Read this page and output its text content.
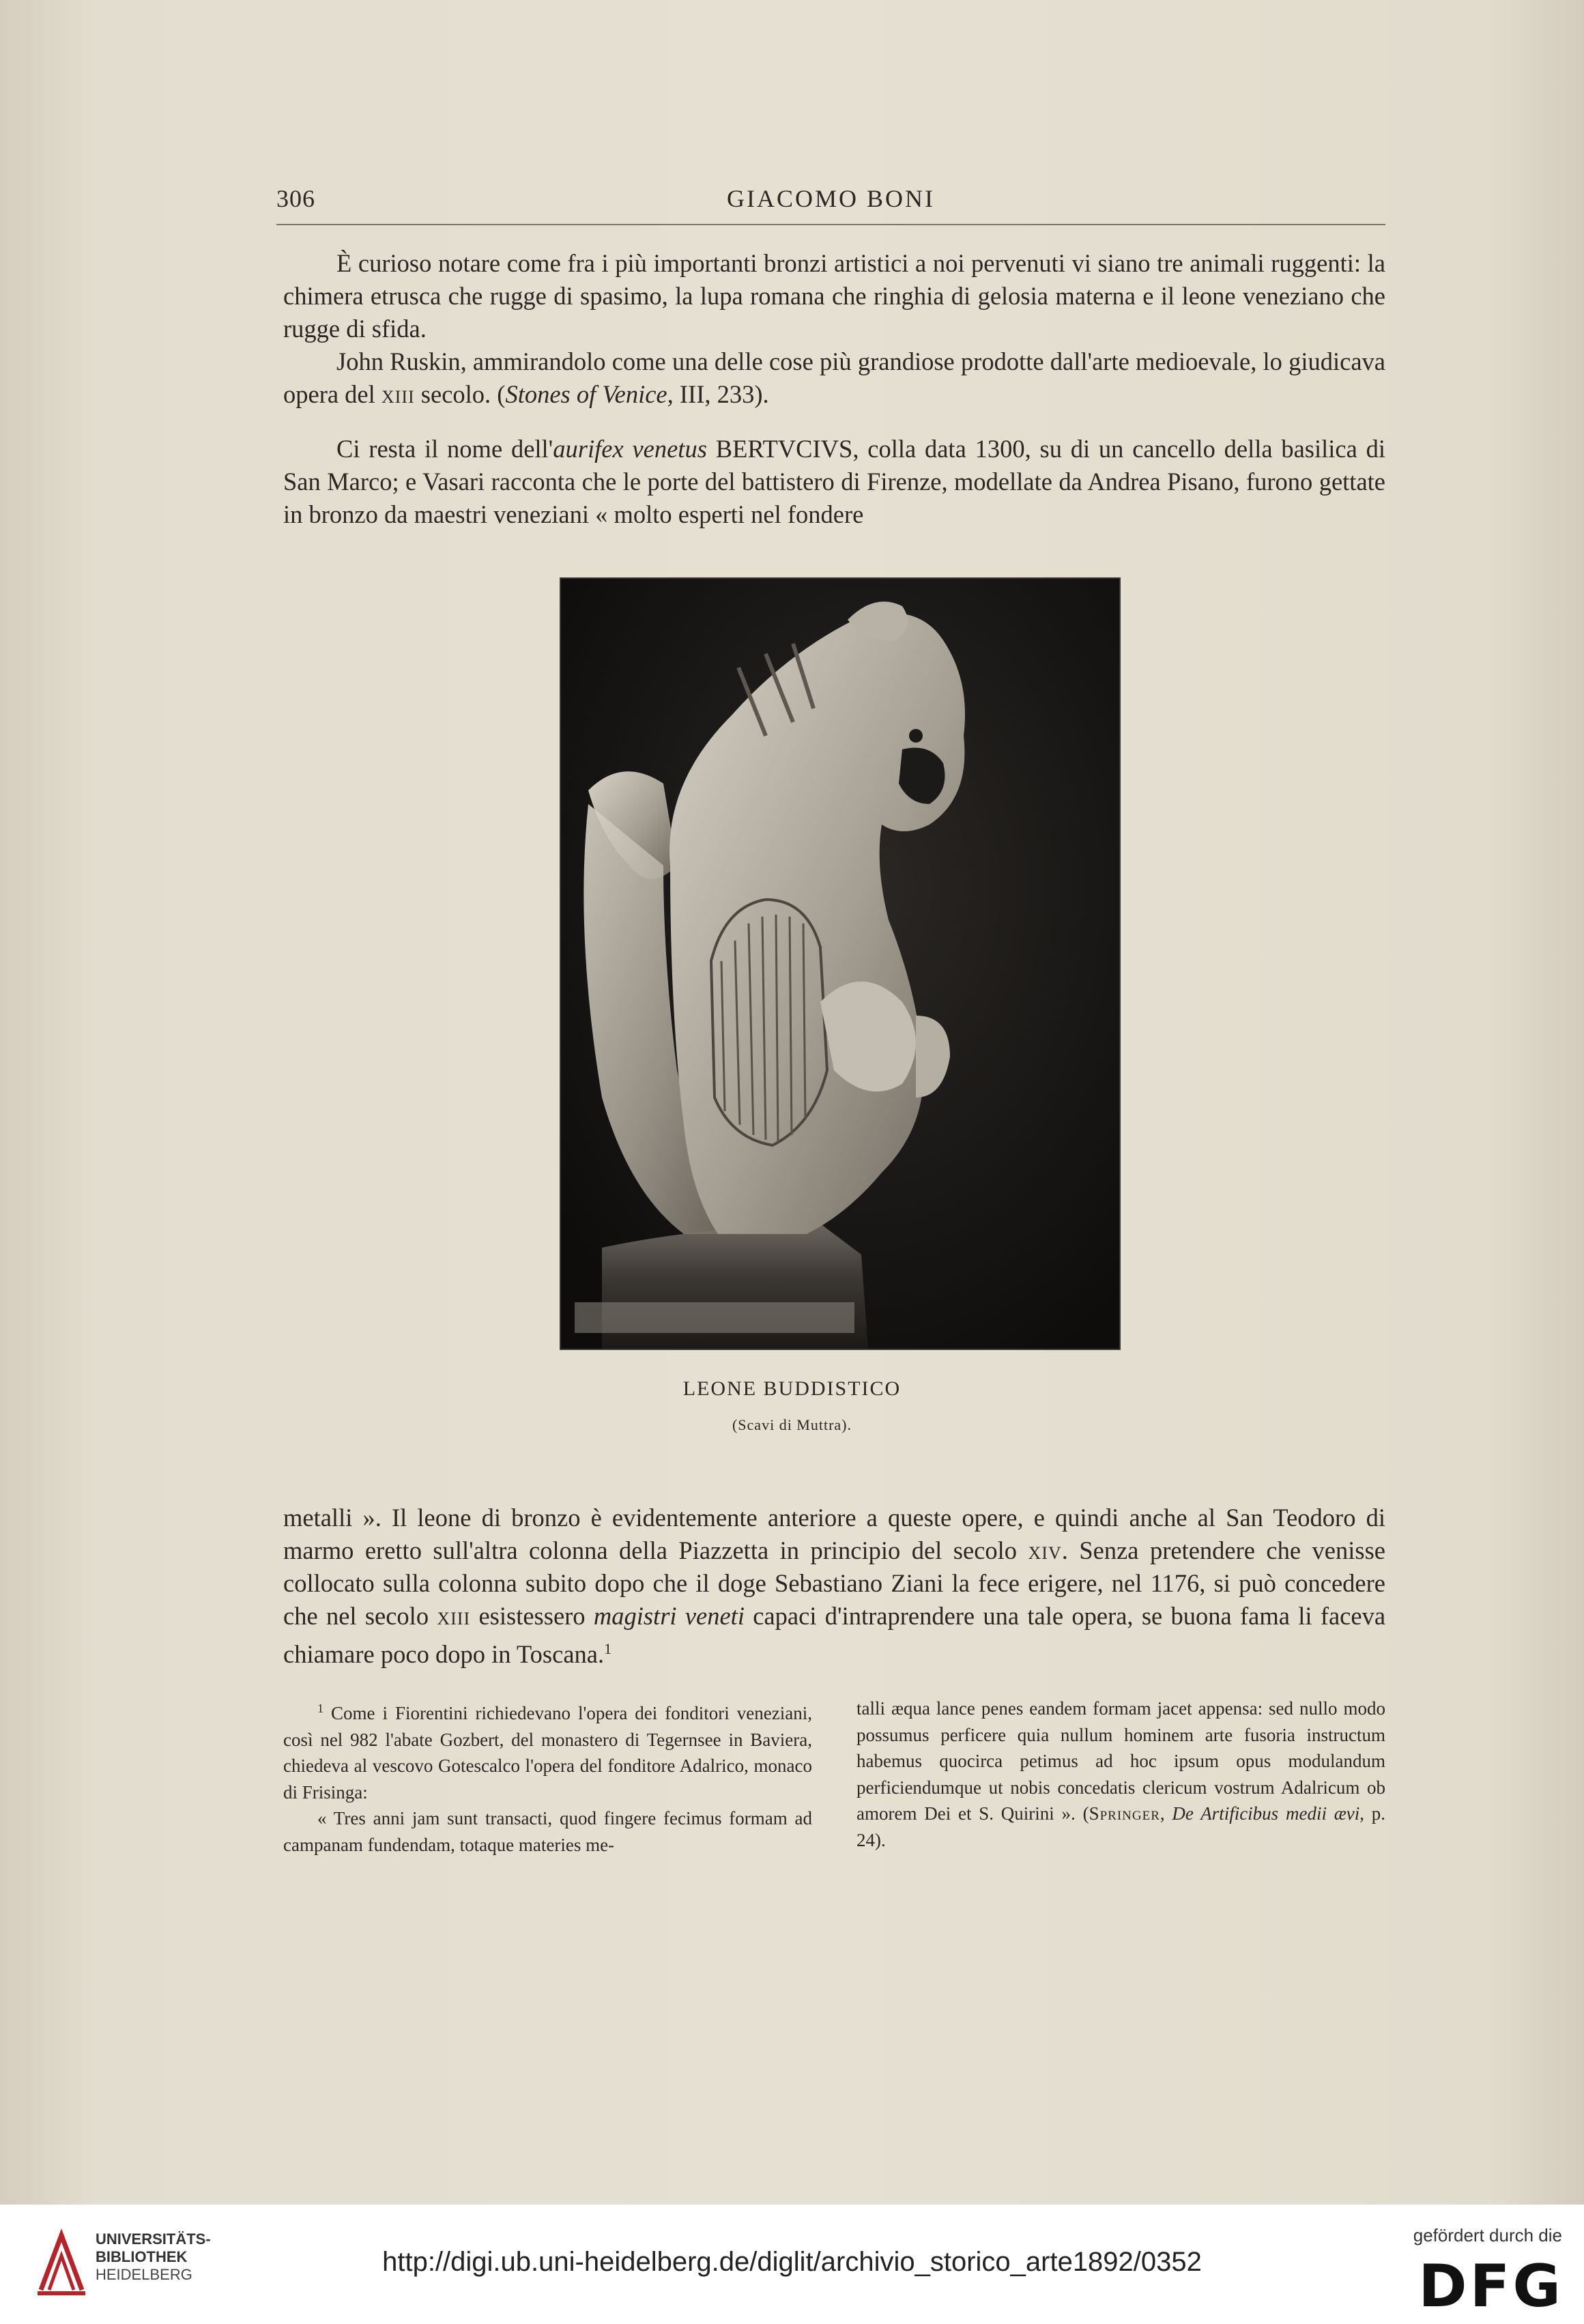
306	GIACOMO BONI

È curioso notare come fra i più importanti bronzi artistici a noi pervenuti vi siano tre animali ruggenti: la chimera etrusca che rugge di spasimo, la lupa romana che ringhia di gelosia materna e il leone veneziano che rugge di sfida.

John Ruskin, ammirandolo come una delle cose più grandiose prodotte dall'arte medioevale, lo giudicava opera del xiii secolo. (Stones of Venice, III, 233).

Ci resta il nome dell'aurifex venetus BERTVCIVS, colla data 1300, su di un cancello della basilica di San Marco; e Vasari racconta che le porte del battistero di Firenze, modellate da Andrea Pisano, furono gettate in bronzo da maestri veneziani « molto esperti nel fondere

LEONE BUDDISTICO
(Scavi di Muttra).

metalli ». Il leone di bronzo è evidentemente anteriore a queste opere, e quindi anche al San Teodoro di marmo eretto sull'altra colonna della Piazzetta in principio del secolo xiv. Senza pretendere che venisse collocato sulla colonna subito dopo che il doge Sebastiano Ziani la fece erigere, nel 1176, si può concedere che nel secolo xiii esistessero magistri veneti capaci d'intraprendere una tale opera, se buona fama li faceva chiamare poco dopo in Toscana.$^1$

$^1$ Come i Fiorentini richiedevano l'opera dei fonditori veneziani, così nel 982 l'abate Gozbert, del monastero di Tegernsee in Baviera, chiedeva al vescovo Gotescalco l'opera del fonditore Adalrico, monaco di Frisinga:

« Tres anni jam sunt transacti, quod fingere fecimus formam ad campanam fundendam, totaque materies me-

talli æqua lance penes eandem formam jacet appensa: sed nullo modo possumus perficere quia nullum hominem arte fusoria instructum habemus quocirca petimus ad hoc ipsum opus modulandum perficiendumque ut nobis concedatis clericum vostrum Adalricum ob amorem Dei et S. Quirini ». (Springer, De Artificibus medii ævi, p. 24).

UNIVERSITÄTS-
BIBLIOTHEK
HEIDELBERG	http://digi.ub.uni-heidelberg.de/diglit/archivio_storico_arte1892/0352
gefördert durch die
DFG
